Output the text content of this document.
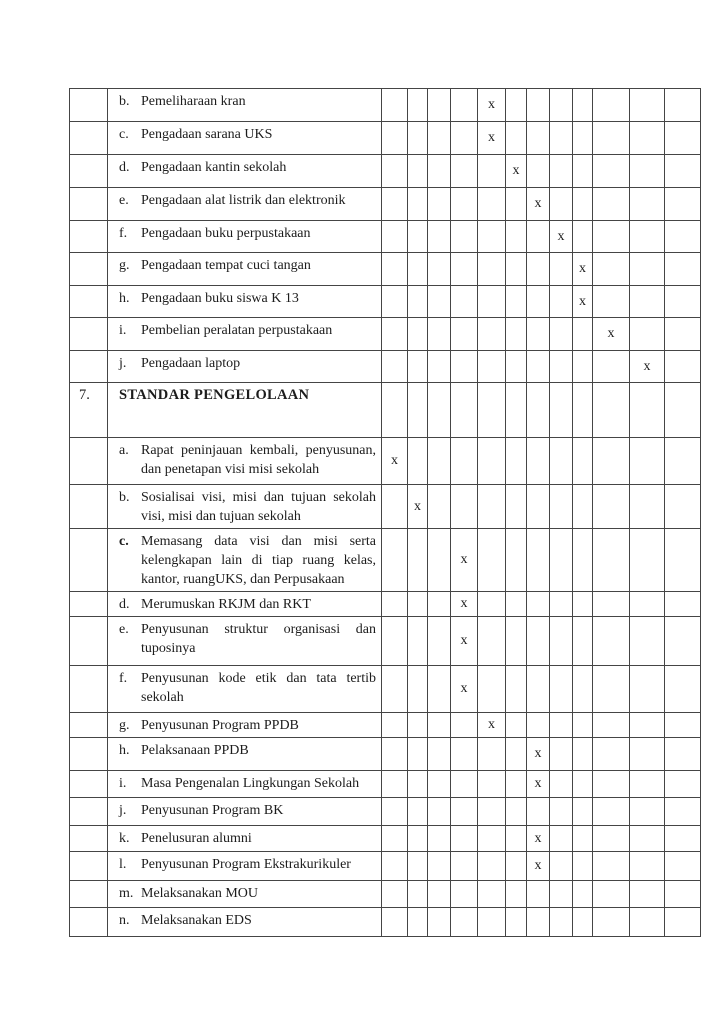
	b. Pemeliharaan kran					x							

	c. Pengadaan sarana UKS					x							

	d. Pengadaan kantin sekolah						x						

	e. Pengadaan alat listrik dan elektronik							x					

	f. Pengadaan buku perpustakaan								x				

	g. Pengadaan tempat cuci tangan									x			

	h. Pengadaan buku siswa K 13									x			

	i. Pembelian peralatan perpustakaan										x		

	j. Pengadaan laptop											x	
7.	STANDAR PENGELOLAAN												

	a. Rapat peninjauan kembali, penyusunan, dan penetapan visi misi sekolah	x											

	b. Sosialisai visi, misi dan tujuan sekolah visi, misi dan tujuan sekolah		x										

	c. Memasang data visi dan misi serta kelengkapan lain di tiap ruang kelas, kantor, ruangUKS, dan Perpusakaan				x								

	d. Merumuskan RKJM dan RKT				x								

	e. Penyusunan struktur organisasi dan tuposinya				x								

	f. Penyusunan kode etik dan tata tertib sekolah				x								

	g. Penyusunan Program PPDB					x							

	h. Pelaksanaan PPDB							x					

	i. Masa Pengenalan Lingkungan Sekolah							x					

	j. Penyusunan Program BK												

	k. Penelusuran alumni							x					

	l. Penyusunan Program Ekstrakurikuler							x					

	m. Melaksanakan MOU												

	n. Melaksanakan EDS												
